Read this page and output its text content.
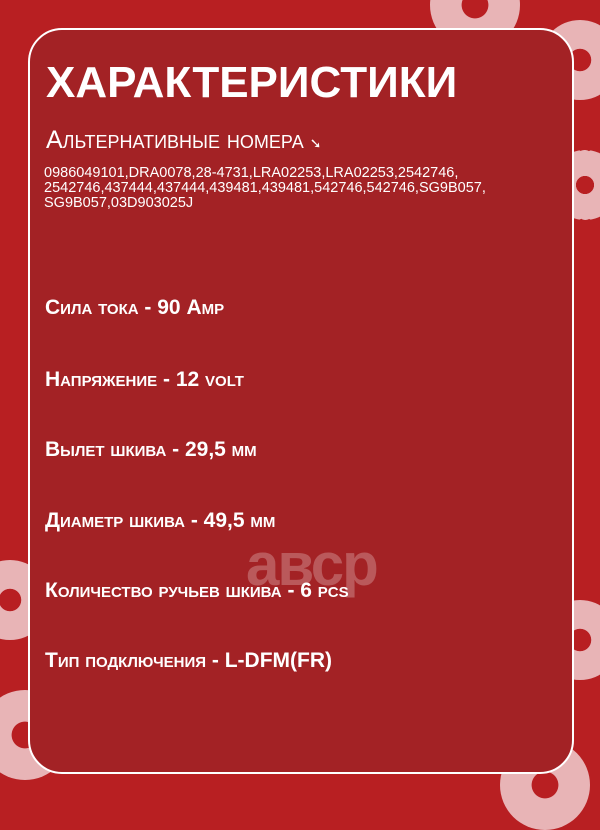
ХАРАКТЕРИСТИКИ
Альтернативные номера ➘
0986049101,DRA0078,28-4731,LRA02253,LRA02253,2542746, 2542746,437444,437444,439481,439481,542746,542746,SG9B057, SG9B057,03D903025J
Сила тока - 90 Amp
Напряжение - 12 volt
Вылет шкива - 29,5 мм
Диаметр шкива - 49,5 мм
Количество ручьев шкива - 6 pcs
Тип подключения - L-DFM(FR)
авср
